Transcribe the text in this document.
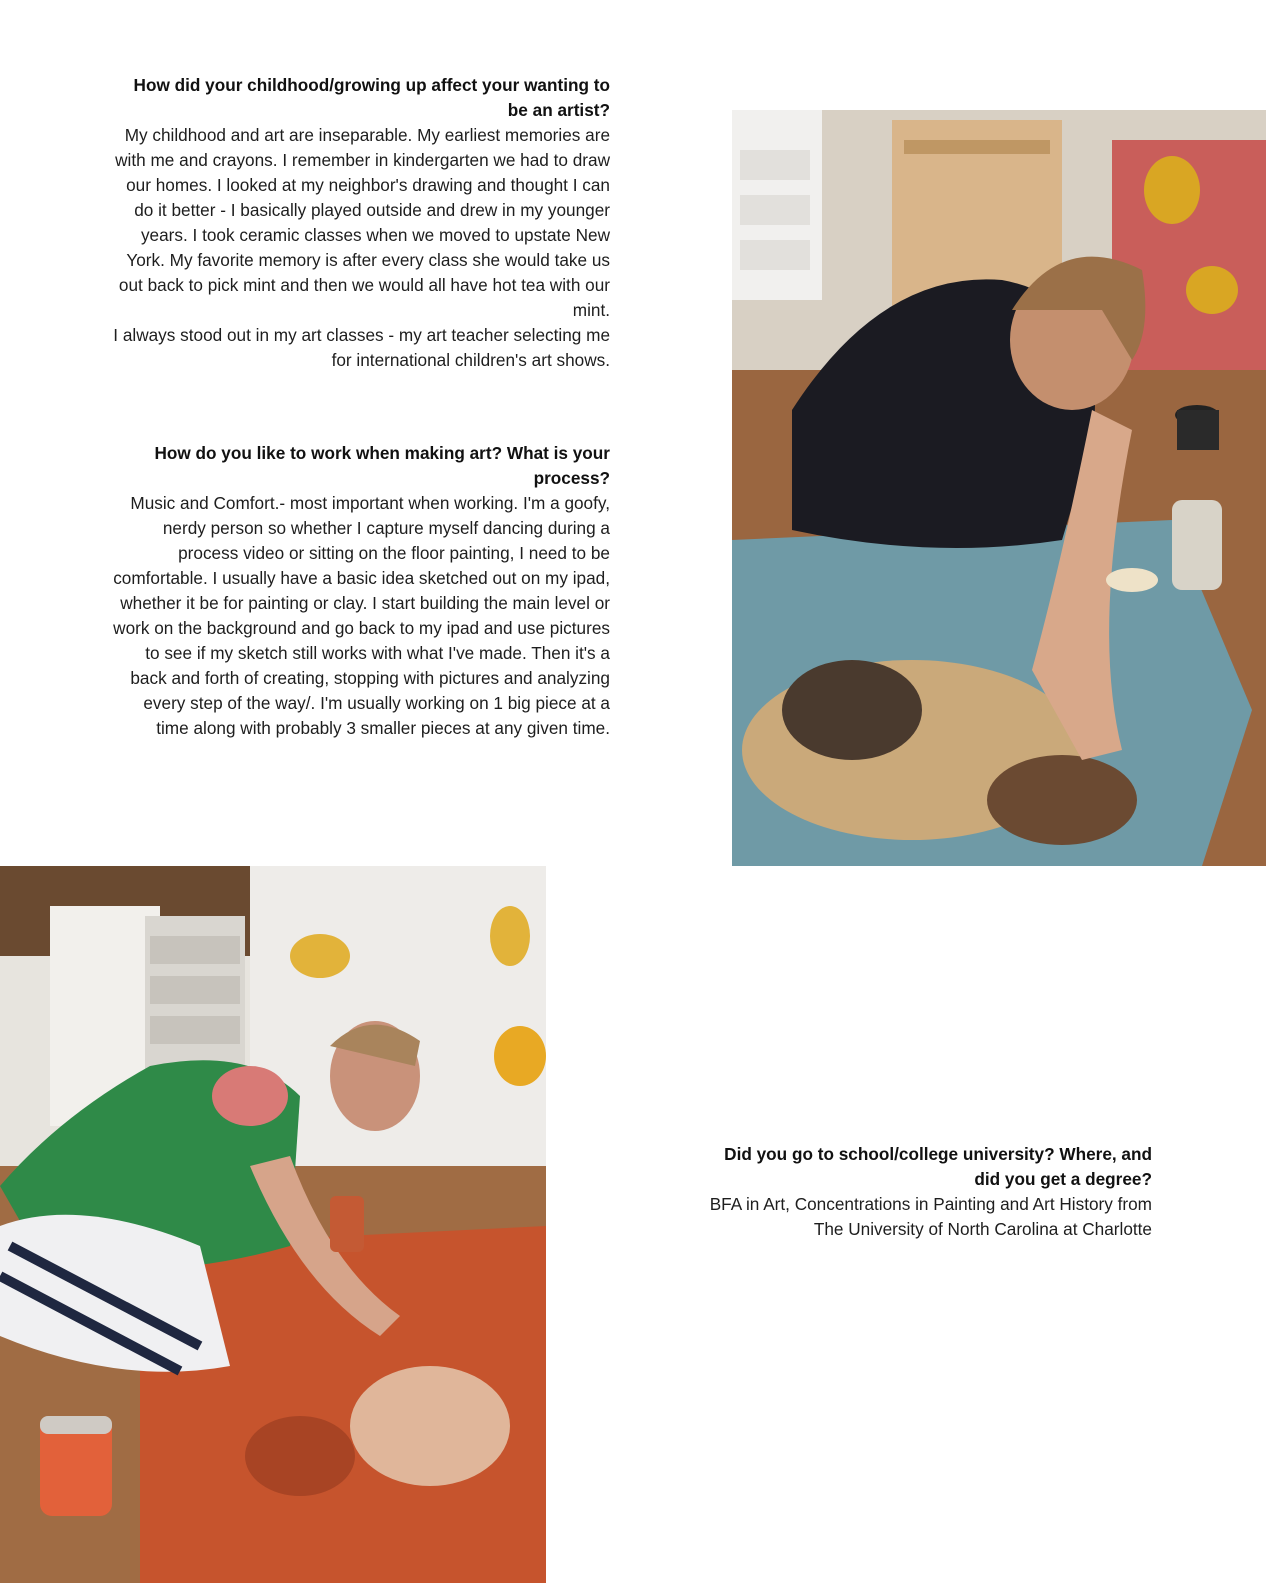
How did your childhood/growing up affect your wanting to be an artist?
My childhood and art are inseparable. My earliest memories are with me and crayons. I remember in kindergarten we had to draw our homes. I looked at my neighbor's drawing and thought I can do it better - I basically played outside and drew in my younger years. I took ceramic classes when we moved to upstate New York. My favorite memory is after every class she would take us out back to pick mint and then we would all have hot tea with our mint.
I always stood out in my art classes - my art teacher selecting me for international children's art shows.
How do you like to work when making art? What is your process?
Music and Comfort.- most important when working. I'm a goofy, nerdy person so whether I capture myself dancing during a process video or sitting on the floor painting, I need to be comfortable. I usually have a basic idea sketched out on my ipad, whether it be for painting or clay. I start building the main level or work on the background and go back to my ipad and use pictures to see if my sketch still works with what I've made. Then it's a back and forth of creating, stopping with pictures and analyzing every step of the way/. I'm usually working on 1 big piece at a time along with probably 3 smaller pieces at any given time.
Did you go to school/college university? Where, and did you get a degree?
BFA in Art, Concentrations in Painting and Art History from The University of North Carolina at Charlotte
